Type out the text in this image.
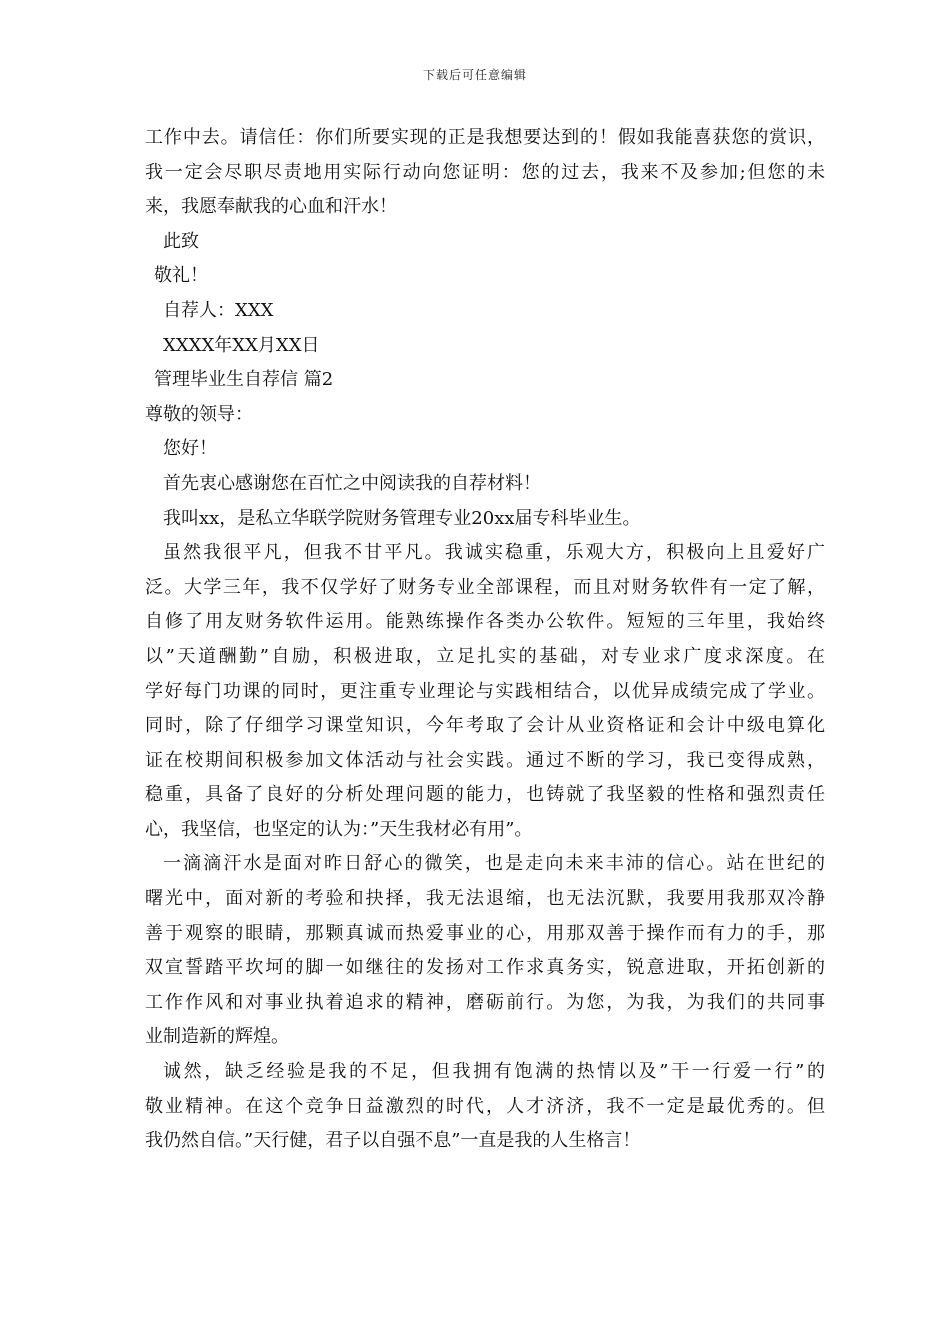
下载后可任意编辑
工作中去。请信任：你们所要实现的正是我想要达到的！假如我能喜获您的赏识，
我一定会尽职尽责地用实际行动向您证明：您的过去，我来不及参加;但您的未
来，我愿奉献我的心血和汗水！
此致
敬礼！
自荐人：XXX
XXXX年XX月XX日
管理毕业生自荐信 篇2
尊敬的领导：
您好！
首先衷心感谢您在百忙之中阅读我的自荐材料！
我叫xx，是私立华联学院财务管理专业20xx届专科毕业生。
虽然我很平凡，但我不甘平凡。我诚实稳重，乐观大方，积极向上且爱好广
泛。大学三年，我不仅学好了财务专业全部课程，而且对财务软件有一定了解，
自修了用友财务软件运用。能熟练操作各类办公软件。短短的三年里，我始终
以”天道酬勤”自励，积极进取，立足扎实的基础，对专业求广度求深度。在
学好每门功课的同时，更注重专业理论与实践相结合，以优异成绩完成了学业。
同时，除了仔细学习课堂知识，今年考取了会计从业资格证和会计中级电算化
证在校期间积极参加文体活动与社会实践。通过不断的学习，我已变得成熟，
稳重，具备了良好的分析处理问题的能力，也铸就了我坚毅的性格和强烈责任
心，我坚信，也坚定的认为：”天生我材必有用”。
一滴滴汗水是面对昨日舒心的微笑，也是走向未来丰沛的信心。站在世纪的
曙光中，面对新的考验和抉择，我无法退缩，也无法沉默，我要用我那双冷静
善于观察的眼睛，那颗真诚而热爱事业的心，用那双善于操作而有力的手，那
双宣誓踏平坎坷的脚一如继往的发扬对工作求真务实，锐意进取，开拓创新的
工作作风和对事业执着追求的精神，磨砺前行。为您，为我，为我们的共同事
业制造新的辉煌。
诚然，缺乏经验是我的不足，但我拥有饱满的热情以及”干一行爱一行”的
敬业精神。在这个竞争日益激烈的时代，人才济济，我不一定是最优秀的。但
我仍然自信。”天行健，君子以自强不息”一直是我的人生格言！
